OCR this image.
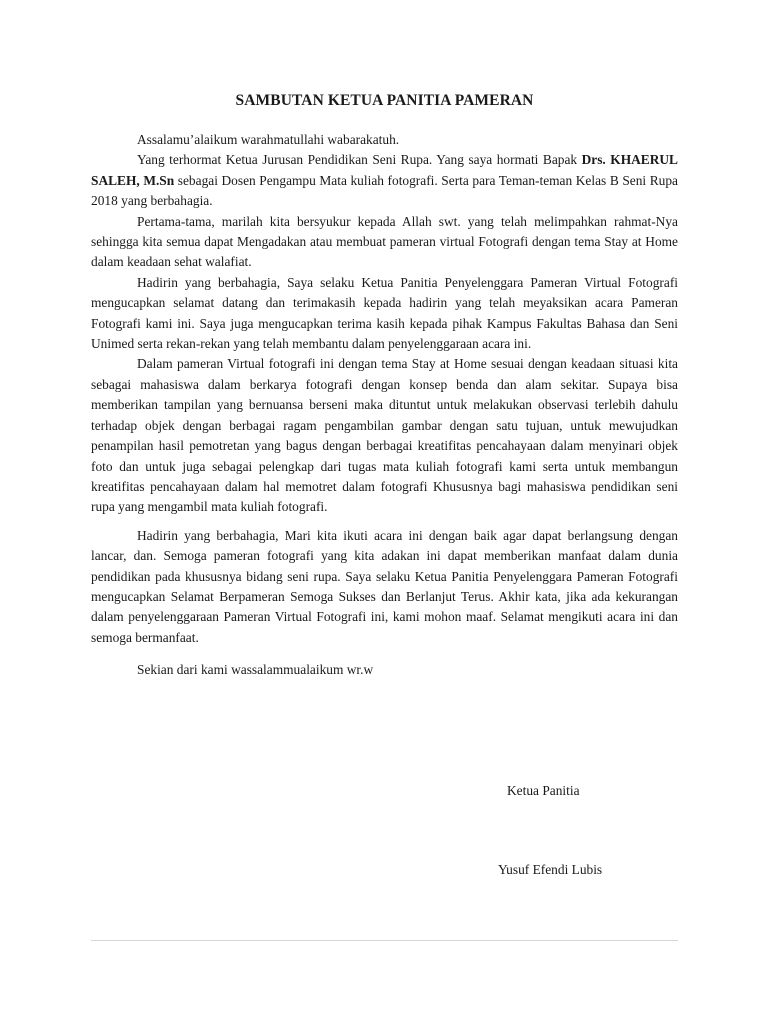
SAMBUTAN KETUA PANITIA PAMERAN

Assalamu’alaikum warahmatullahi wabarakatuh.

Yang terhormat Ketua Jurusan Pendidikan Seni Rupa. Yang saya hormati Bapak Drs. KHAERUL SALEH, M.Sn sebagai Dosen Pengampu Mata kuliah fotografi. Serta para Teman-teman Kelas B Seni Rupa 2018 yang berbahagia.

Pertama-tama, marilah kita bersyukur kepada Allah swt. yang telah melimpahkan rahmat-Nya sehingga kita semua dapat Mengadakan atau membuat pameran virtual Fotografi dengan tema Stay at Home dalam keadaan sehat walafiat.

Hadirin yang berbahagia, Saya selaku Ketua Panitia Penyelenggara Pameran Virtual Fotografi mengucapkan selamat datang dan terimakasih kepada hadirin yang telah meyaksikan acara Pameran Fotografi kami ini. Saya juga mengucapkan terima kasih kepada pihak Kampus Fakultas Bahasa dan Seni Unimed serta rekan-rekan yang telah membantu dalam penyelenggaraan acara ini.

Dalam pameran Virtual fotografi ini dengan tema Stay at Home sesuai dengan keadaan situasi kita sebagai mahasiswa dalam berkarya fotografi dengan konsep benda dan alam sekitar. Supaya bisa memberikan tampilan yang bernuansa berseni maka dituntut untuk melakukan observasi terlebih dahulu terhadap objek dengan berbagai ragam pengambilan gambar dengan satu tujuan, untuk mewujudkan penampilan hasil pemotretan yang bagus dengan berbagai kreatifitas pencahayaan dalam menyinari objek foto dan untuk juga sebagai pelengkap dari tugas mata kuliah fotografi kami serta untuk membangun kreatifitas pencahayaan dalam hal memotret dalam fotografi Khususnya bagi mahasiswa pendidikan seni rupa yang mengambil mata kuliah fotografi.

Hadirin yang berbahagia, Mari kita ikuti acara ini dengan baik agar dapat berlangsung dengan lancar, dan. Semoga pameran fotografi yang kita adakan ini dapat memberikan manfaat dalam dunia pendidikan pada khususnya bidang seni rupa. Saya selaku Ketua Panitia Penyelenggara Pameran Fotografi mengucapkan Selamat Berpameran Semoga Sukses dan Berlanjut Terus. Akhir kata, jika ada kekurangan dalam penyelenggaraan Pameran Virtual Fotografi ini, kami mohon maaf. Selamat mengikuti acara ini dan semoga bermanfaat.

Sekian dari kami wassalammualaikum wr.w

Ketua Panitia
Yusuf Efendi Lubis
